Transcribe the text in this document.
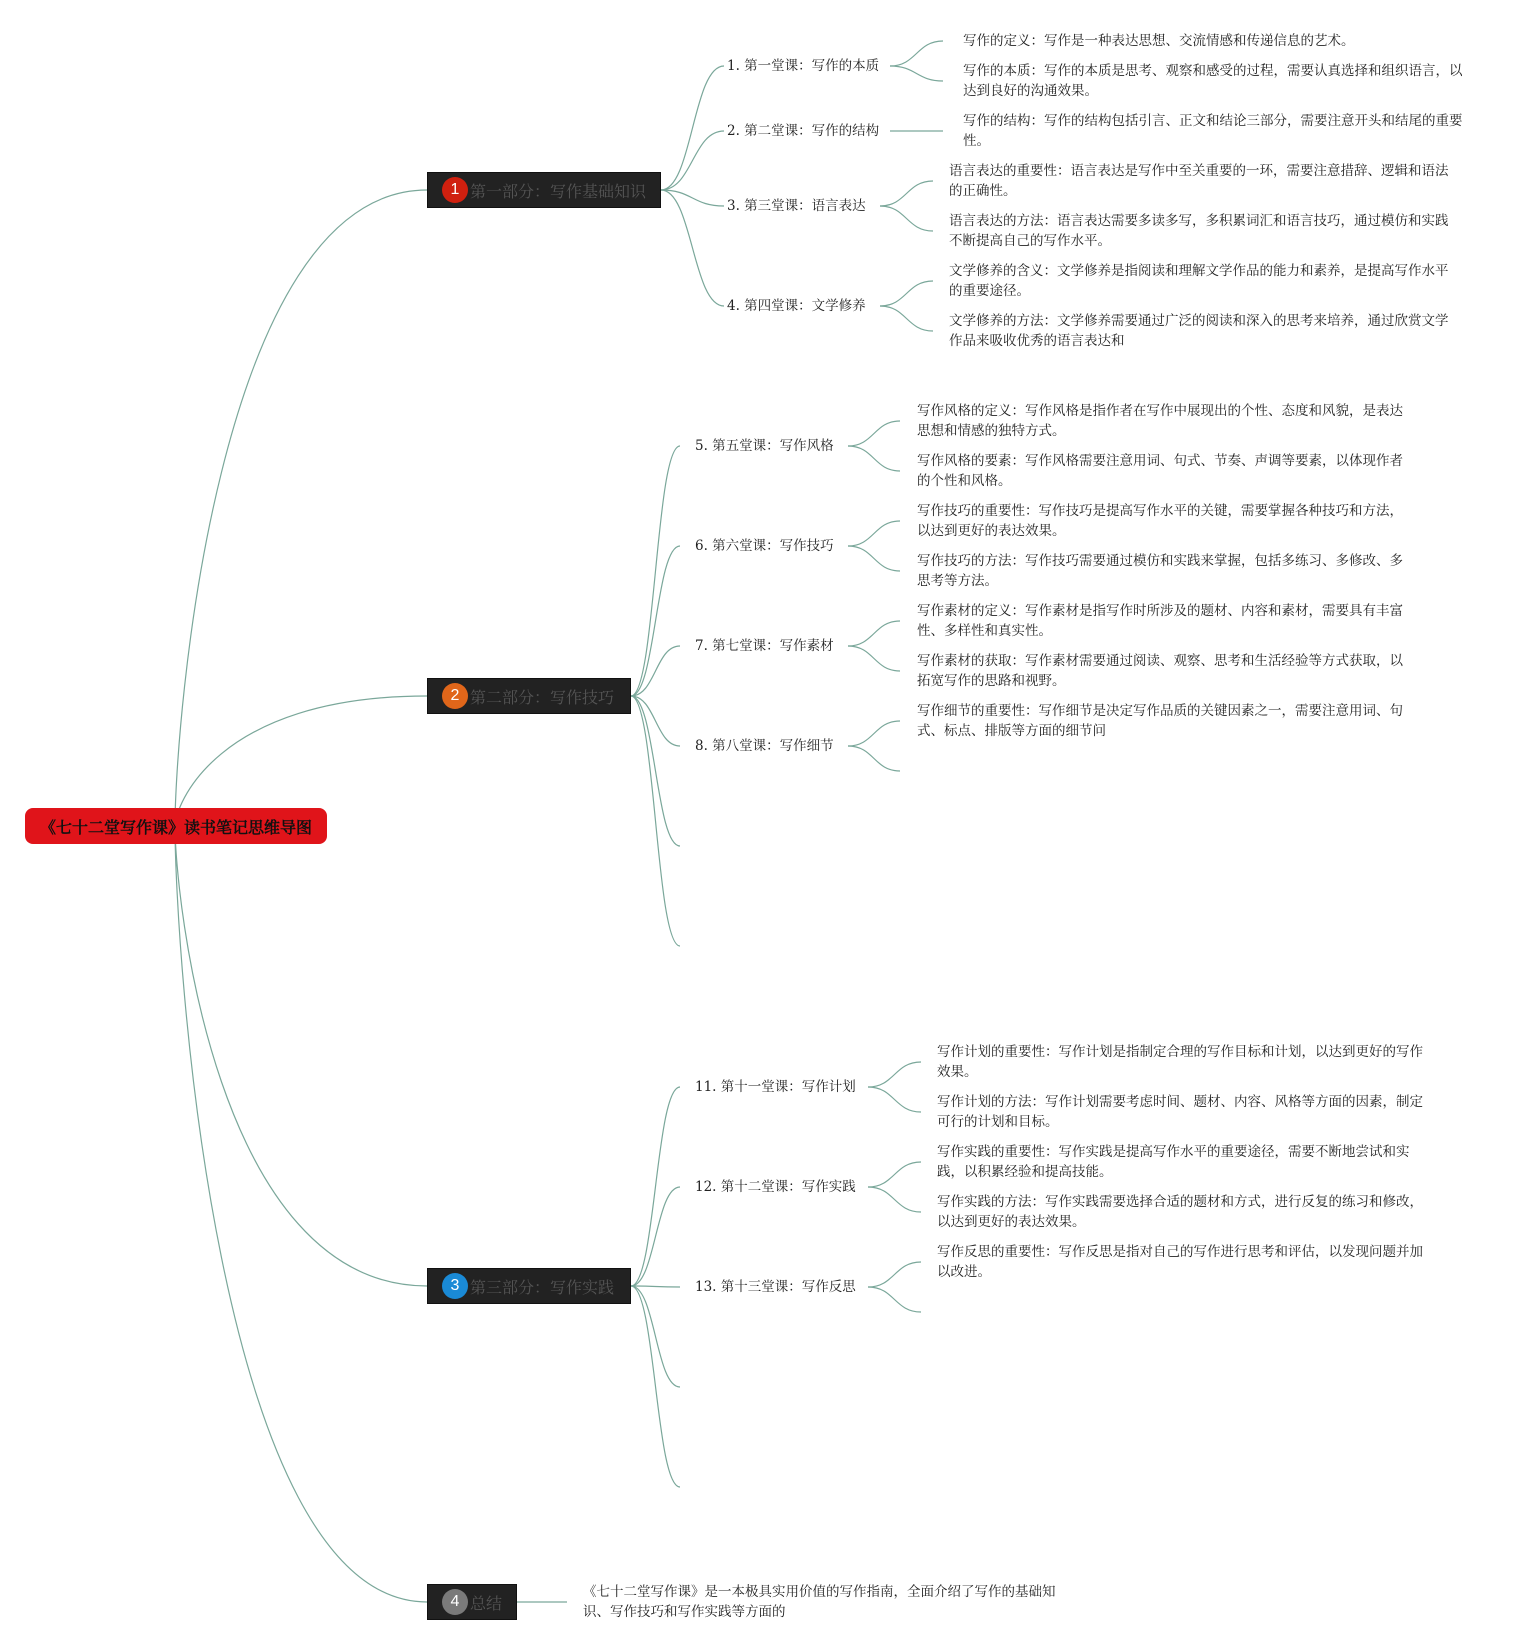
《七十二堂写作课》读书笔记思维导图
1 第一部分：写作基础知识
1. 第一堂课：写作的本质
2. 第二堂课：写作的结构
3. 第三堂课：语言表达
4. 第四堂课：文学修养
写作的定义：写作是一种表达思想、交流情感和传递信息的艺术。
写作的本质：写作的本质是思考、观察和感受的过程，需要认真选择和组织语言，以达到良好的沟通效果。
写作的结构：写作的结构包括引言、正文和结论三部分，需要注意开头和结尾的重要性。
语言表达的重要性：语言表达是写作中至关重要的一环，需要注意措辞、逻辑和语法的正确性。
语言表达的方法：语言表达需要多读多写，多积累词汇和语言技巧，通过模仿和实践不断提高自己的写作水平。
文学修养的含义：文学修养是指阅读和理解文学作品的能力和素养，是提高写作水平的重要途径。
文学修养的方法：文学修养需要通过广泛的阅读和深入的思考来培养，通过欣赏文学作品来吸收优秀的语言表达和
2 第二部分：写作技巧
5. 第五堂课：写作风格
6. 第六堂课：写作技巧
7. 第七堂课：写作素材
8. 第八堂课：写作细节
写作风格的定义：写作风格是指作者在写作中展现出的个性、态度和风貌，是表达思想和情感的独特方式。
写作风格的要素：写作风格需要注意用词、句式、节奏、声调等要素，以体现作者的个性和风格。
写作技巧的重要性：写作技巧是提高写作水平的关键，需要掌握各种技巧和方法，以达到更好的表达效果。
写作技巧的方法：写作技巧需要通过模仿和实践来掌握，包括多练习、多修改、多思考等方法。
写作素材的定义：写作素材是指写作时所涉及的题材、内容和素材，需要具有丰富性、多样性和真实性。
写作素材的获取：写作素材需要通过阅读、观察、思考和生活经验等方式获取，以拓宽写作的思路和视野。
写作细节的重要性：写作细节是决定写作品质的关键因素之一，需要注意用词、句式、标点、排版等方面的细节问
3 第三部分：写作实践
11. 第十一堂课：写作计划
12. 第十二堂课：写作实践
13. 第十三堂课：写作反思
写作计划的重要性：写作计划是指制定合理的写作目标和计划，以达到更好的写作效果。
写作计划的方法：写作计划需要考虑时间、题材、内容、风格等方面的因素，制定可行的计划和目标。
写作实践的重要性：写作实践是提高写作水平的重要途径，需要不断地尝试和实践，以积累经验和提高技能。
写作实践的方法：写作实践需要选择合适的题材和方式，进行反复的练习和修改，以达到更好的表达效果。
写作反思的重要性：写作反思是指对自己的写作进行思考和评估，以发现问题并加以改进。
4 总结
《七十二堂写作课》是一本极具实用价值的写作指南，全面介绍了写作的基础知识、写作技巧和写作实践等方面的
